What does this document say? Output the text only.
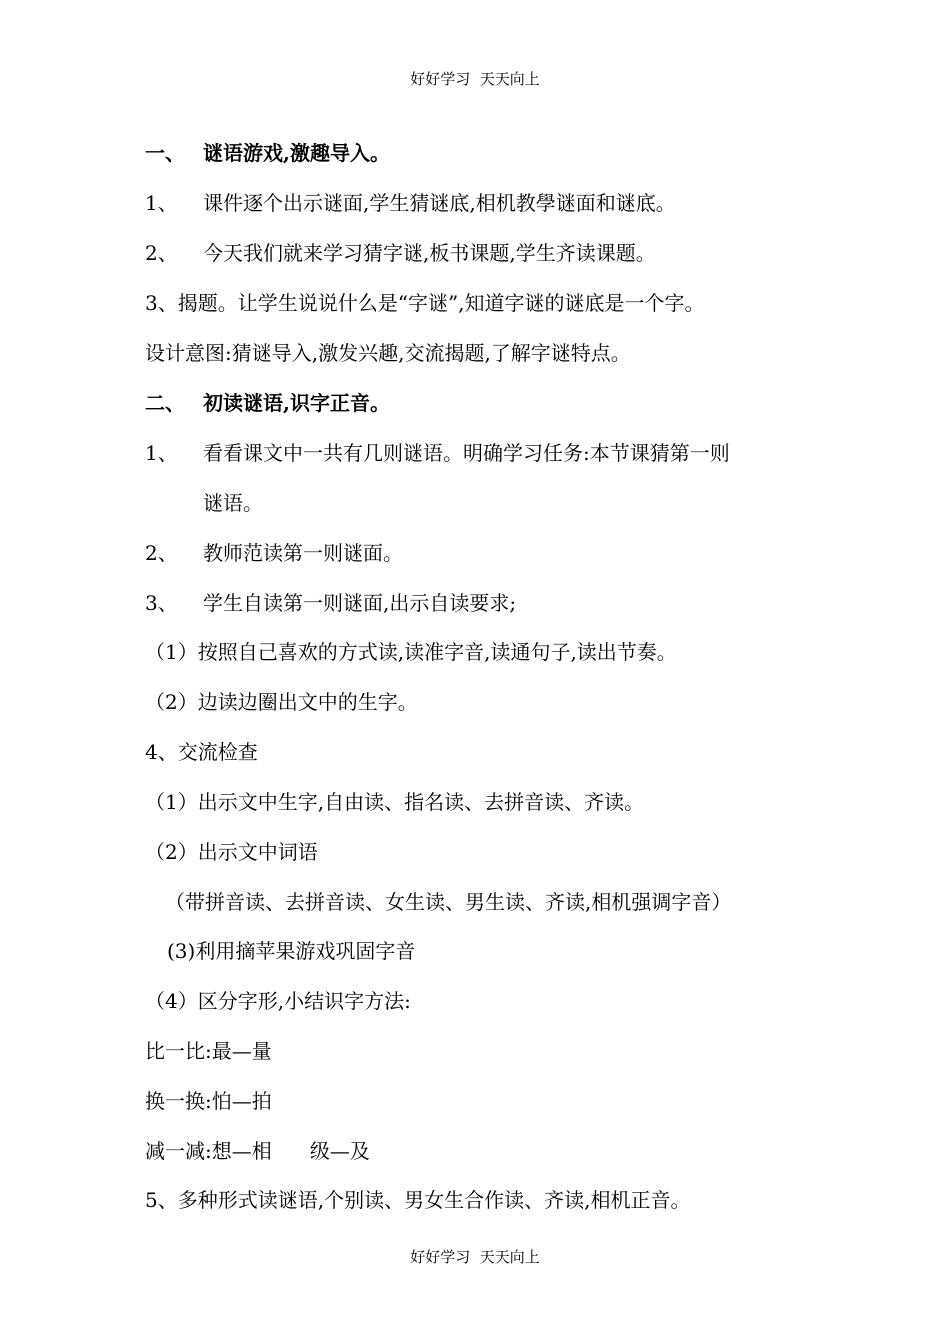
好好学习  天天向上
一、 谜语游戏,激趣导入。
1、 课件逐个出示谜面,学生猜谜底,相机教學谜面和谜底。
2、 今天我们就来学习猜字谜,板书课题,学生齐读课题。
3、揭题。让学生说说什么是“字谜”,知道字谜的谜底是一个字。
设计意图:猜谜导入,激发兴趣,交流揭题,了解字谜特点。
二、 初读谜语,识字正音。
1、 看看课文中一共有几则谜语。明确学习任务:本节课猜第一则
谜语。
2、 教师范读第一则谜面。
3、 学生自读第一则谜面,出示自读要求;
（1）按照自己喜欢的方式读,读准字音,读通句子,读出节奏。
（2）边读边圈出文中的生字。
4、交流检查
（1）出示文中生字,自由读、指名读、去拼音读、齐读。
（2）出示文中词语
（带拼音读、去拼音读、女生读、男生读、齐读,相机强调字音）
(3)利用摘苹果游戏巩固字音
（4）区分字形,小结识字方法:
比一比:最—量
换一换:怕—拍
减一减:想—相      级—及
5、多种形式读谜语,个别读、男女生合作读、齐读,相机正音。
好好学习  天天向上
